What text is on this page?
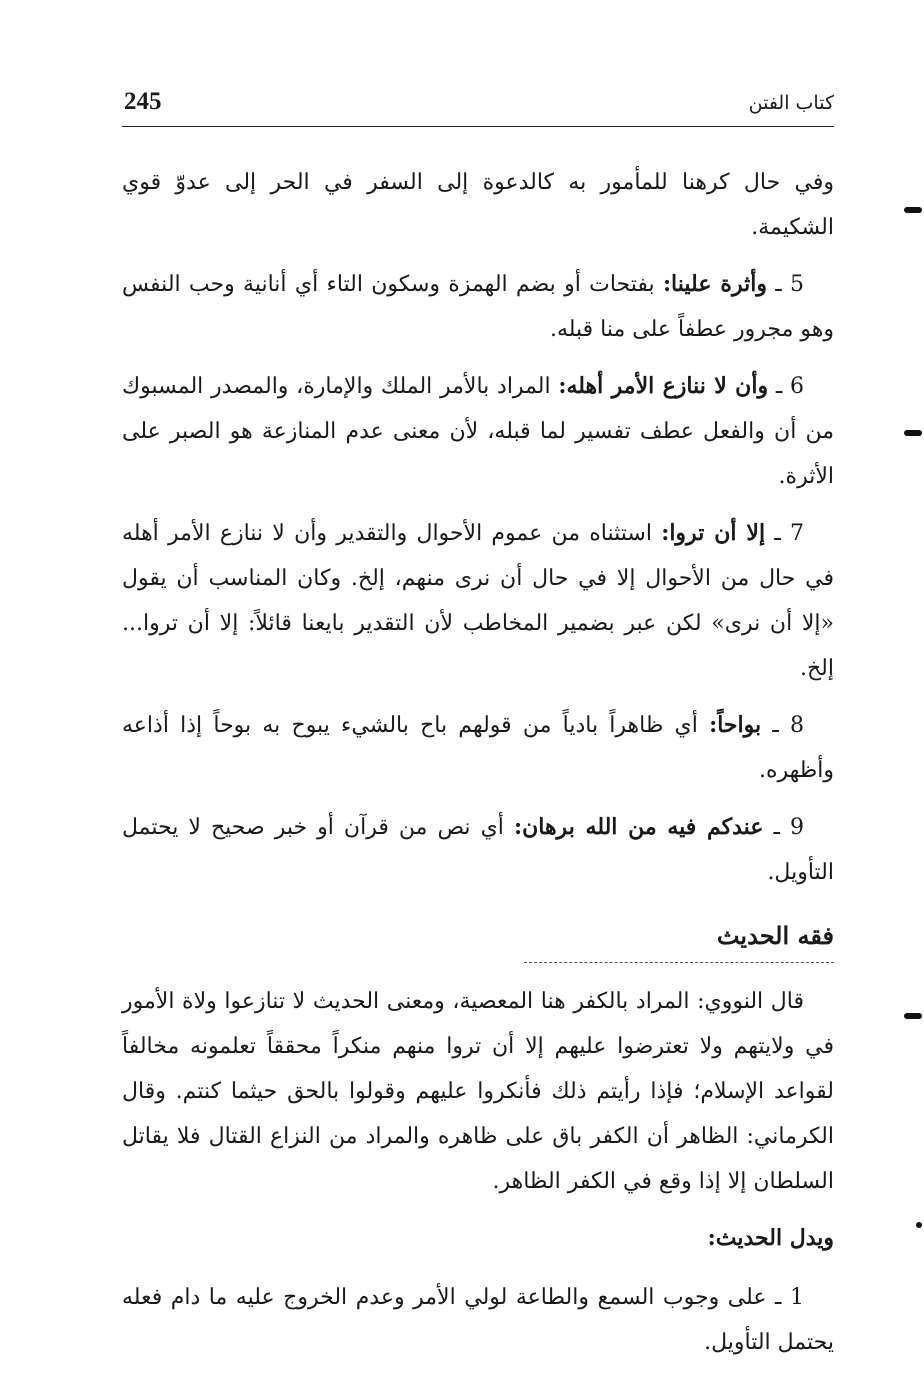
245	كتاب الفتن

وفي حال كرهنا للمأمور به كالدعوة إلى السفر في الحر إلى عدوّ قوي الشكيمة.

5 ـ وأثرة علينا: بفتحات أو بضم الهمزة وسكون التاء أي أنانية وحب النفس وهو مجرور عطفاً على منا قبله.

6 ـ وأن لا ننازع الأمر أهله: المراد بالأمر الملك والإمارة، والمصدر المسبوك من أن والفعل عطف تفسير لما قبله، لأن معنى عدم المنازعة هو الصبر على الأثرة.

7 ـ إلا أن تروا: استثناه من عموم الأحوال والتقدير وأن لا ننازع الأمر أهله في حال من الأحوال إلا في حال أن نرى منهم، إلخ. وكان المناسب أن يقول «إلا أن نرى» لكن عبر بضمير المخاطب لأن التقدير بايعنا قائلاً: إلا أن تروا... إلخ.

8 ـ بواحاً: أي ظاهراً بادياً من قولهم باح بالشيء يبوح به بوحاً إذا أذاعه وأظهره.

9 ـ عندكم فيه من الله برهان: أي نص من قرآن أو خبر صحيح لا يحتمل التأويل.

فقه الحديث

قال النووي: المراد بالكفر هنا المعصية، ومعنى الحديث لا تنازعوا ولاة الأمور في ولايتهم ولا تعترضوا عليهم إلا أن تروا منهم منكراً محققاً تعلمونه مخالفاً لقواعد الإسلام؛ فإذا رأيتم ذلك فأنكروا عليهم وقولوا بالحق حيثما كنتم. وقال الكرماني: الظاهر أن الكفر باق على ظاهره والمراد من النزاع القتال فلا يقاتل السلطان إلا إذا وقع في الكفر الظاهر.

ويدل الحديث:

1 ـ على وجوب السمع والطاعة لولي الأمر وعدم الخروج عليه ما دام فعله يحتمل التأويل.
